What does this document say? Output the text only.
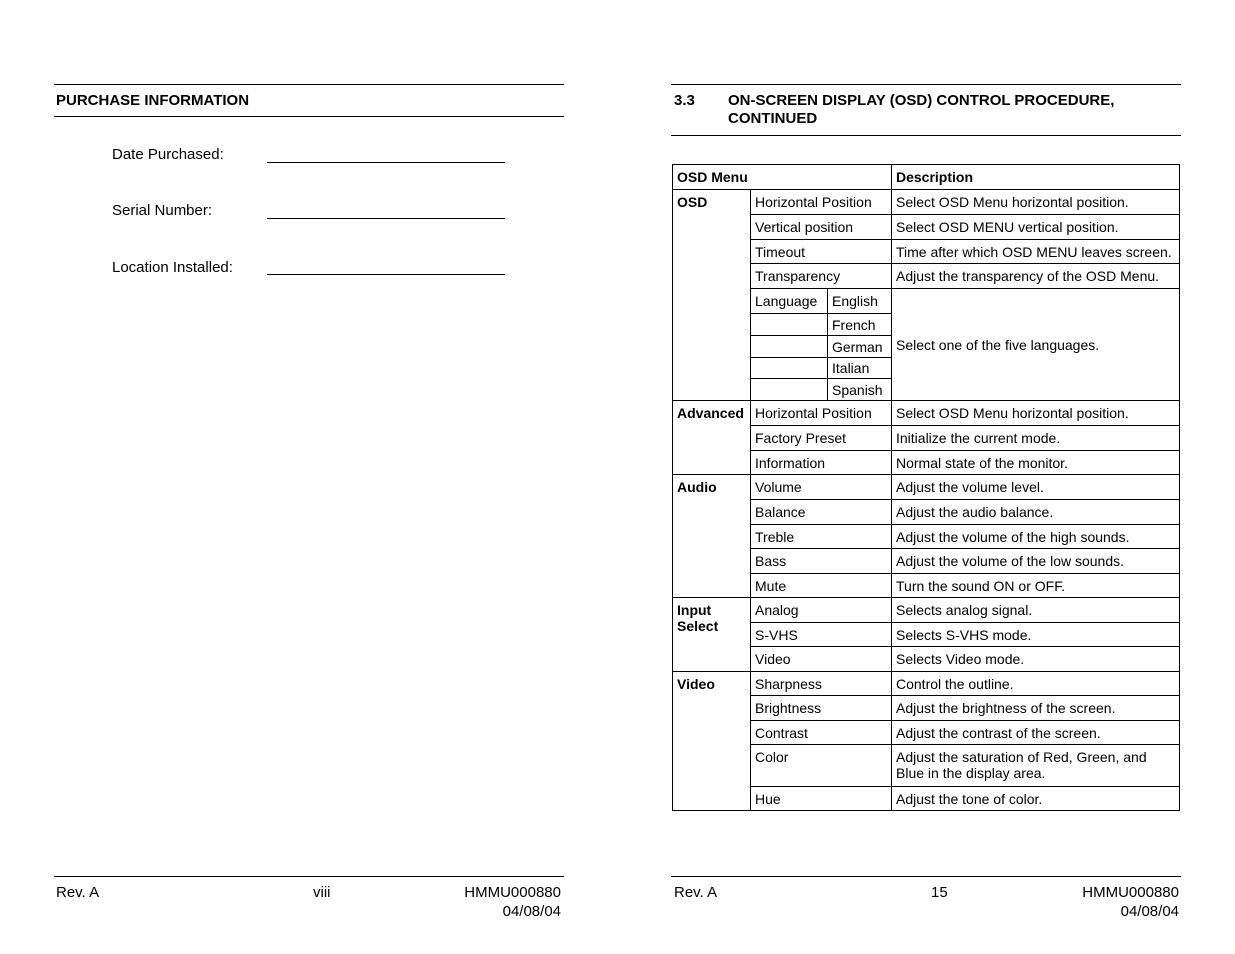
PURCHASE INFORMATION
Date Purchased:
Serial Number:
Location Installed:
Rev. A	viii	HMMU000880
04/08/04
3.3 ON-SCREEN DISPLAY (OSD) CONTROL PROCEDURE,
CONTINUED
OSD Menu			Description
OSD	Horizontal Position		Select OSD Menu horizontal position.
	Vertical position		Select OSD MENU vertical position.
	Timeout		Time after which OSD MENU leaves screen.
	Transparency		Adjust the transparency of the OSD Menu.
	Language	English	Select one of the five languages.
		French	
		German	
		Italian	
		Spanish	
Advanced	Horizontal Position		Select OSD Menu horizontal position.
	Factory Preset		Initialize the current mode.
	Information		Normal state of the monitor.
Audio	Volume		Adjust the volume level.
	Balance		Adjust the audio balance.
	Treble		Adjust the volume of the high sounds.
	Bass		Adjust the volume of the low sounds.
	Mute		Turn the sound ON or OFF.
Input
Select	Analog		Selects analog signal.
	S-VHS		Selects S-VHS mode.
	Video		Selects Video mode.
Video	Sharpness		Control the outline.
	Brightness		Adjust the brightness of the screen.
	Contrast		Adjust the contrast of the screen.
	Color		Adjust the saturation of Red, Green, and
Blue in the display area.
	Hue		Adjust the tone of color.
Rev. A	15	HMMU000880
04/08/04
